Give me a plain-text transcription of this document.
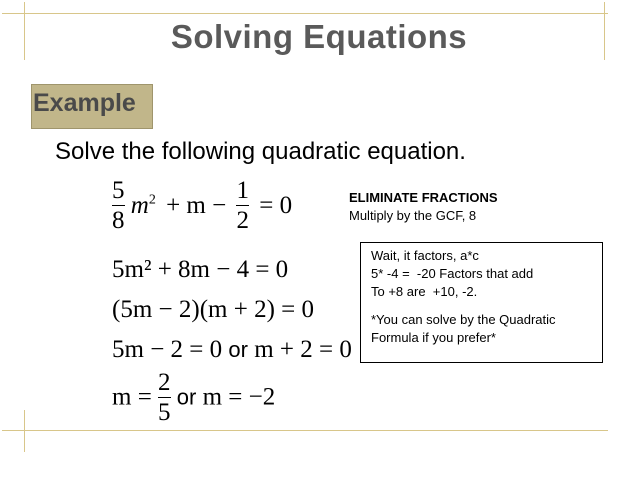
Solving Equations
Example
Solve the following quadratic equation.
$\frac{5}{8} m^2 + m - \frac{1}{2} = 0$
5m² + 8m − 4 = 0
(5m − 2)(m + 2) = 0
5m − 2 = 0 or m + 2 = 0
$m = \frac{2}{5}$ or m = −2
ELIMINATE FRACTIONS
Multiply by the GCF, 8
Wait, it factors, a*c
5* -4 =  -20 Factors that add
To +8 are  +10, -2.
*You can solve by the Quadratic
Formula if you prefer*
